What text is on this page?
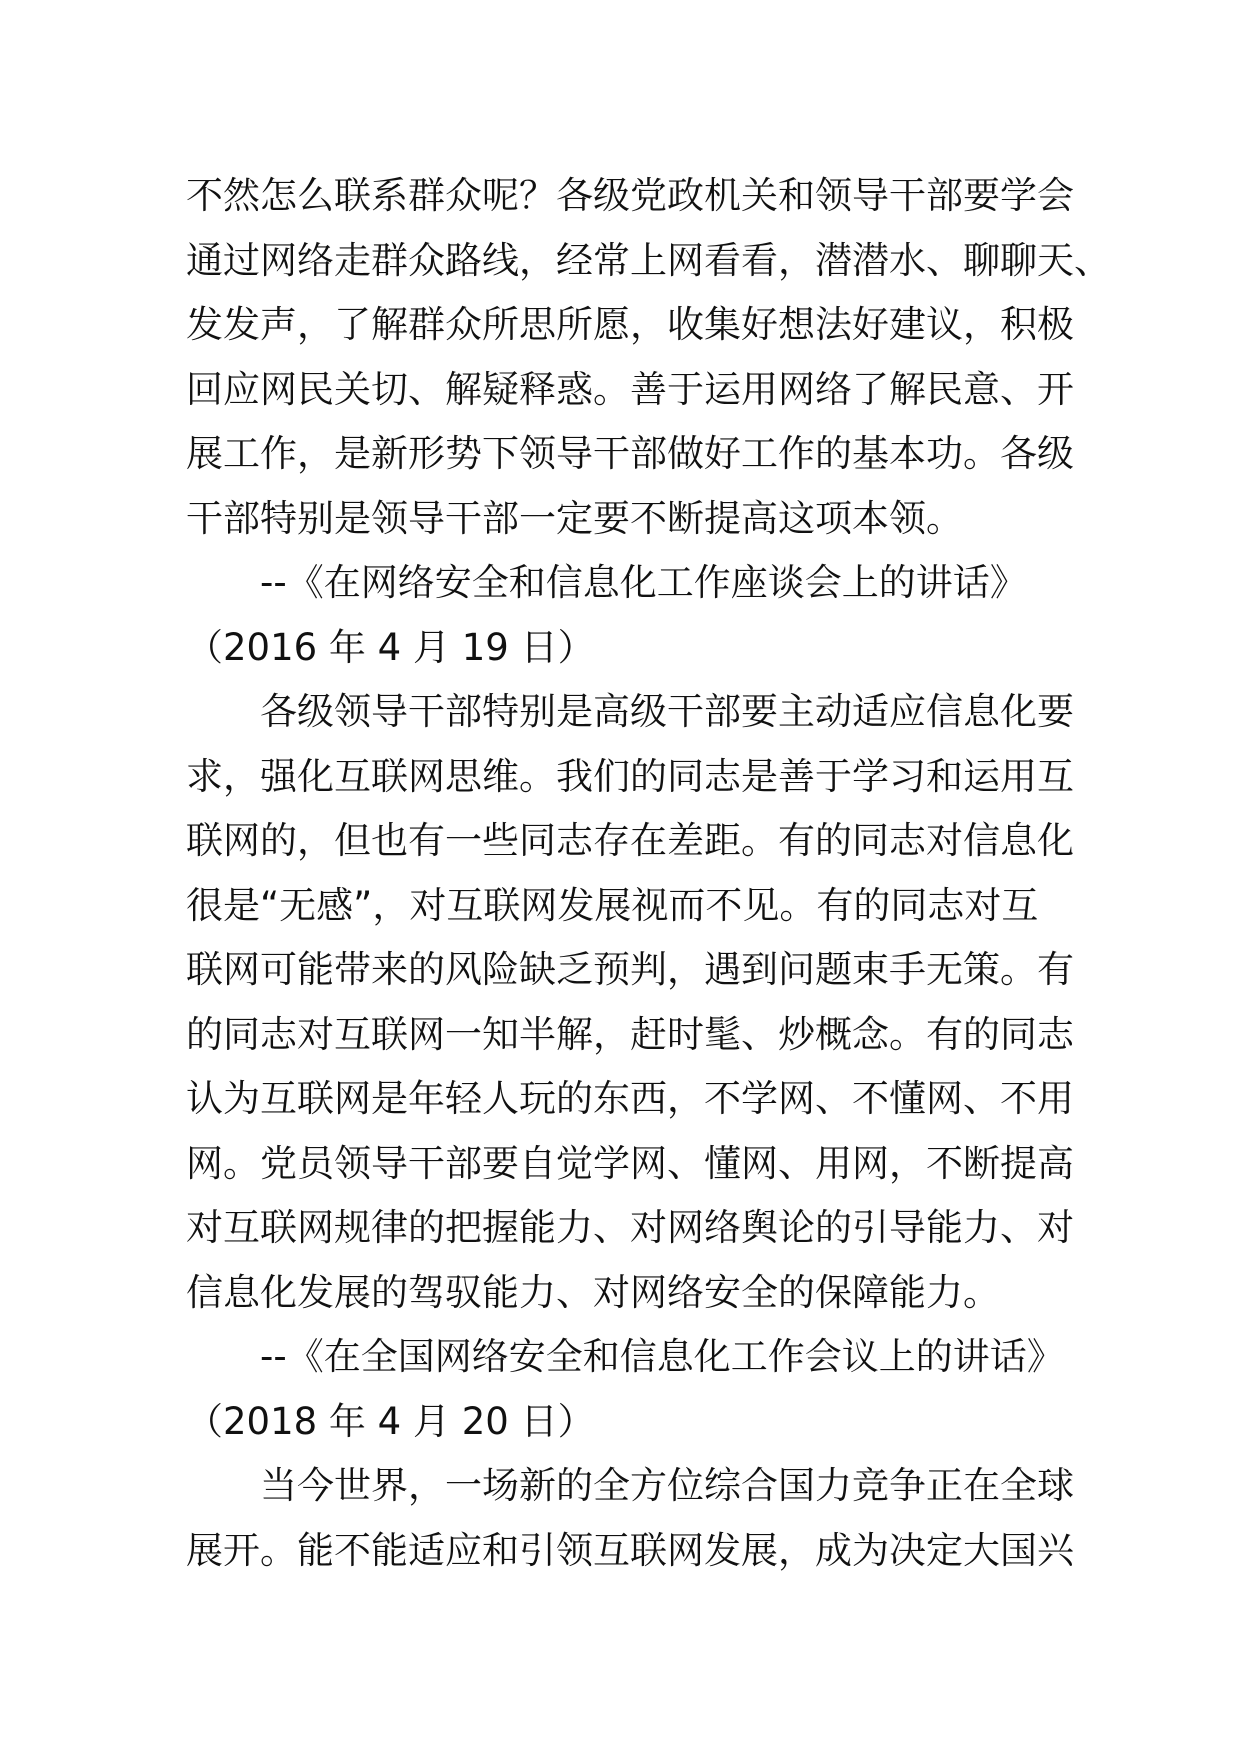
不然怎么联系群众呢？各级党政机关和领导干部要学会
通过网络走群众路线，经常上网看看，潜潜水、聊聊天、
发发声，了解群众所思所愿，收集好想法好建议，积极
回应网民关切、解疑释惑。善于运用网络了解民意、开
展工作，是新形势下领导干部做好工作的基本功。各级
干部特别是领导干部一定要不断提高这项本领。
--《在网络安全和信息化工作座谈会上的讲话》
（2016 年 4 月 19 日）
各级领导干部特别是高级干部要主动适应信息化要
求，强化互联网思维。我们的同志是善于学习和运用互
联网的，但也有一些同志存在差距。有的同志对信息化
很是“无感”，对互联网发展视而不见。有的同志对互
联网可能带来的风险缺乏预判，遇到问题束手无策。有
的同志对互联网一知半解，赶时髦、炒概念。有的同志
认为互联网是年轻人玩的东西，不学网、不懂网、不用
网。党员领导干部要自觉学网、懂网、用网，不断提高
对互联网规律的把握能力、对网络舆论的引导能力、对
信息化发展的驾驭能力、对网络安全的保障能力。
--《在全国网络安全和信息化工作会议上的讲话》
（2018 年 4 月 20 日）
当今世界，一场新的全方位综合国力竞争正在全球
展开。能不能适应和引领互联网发展，成为决定大国兴
